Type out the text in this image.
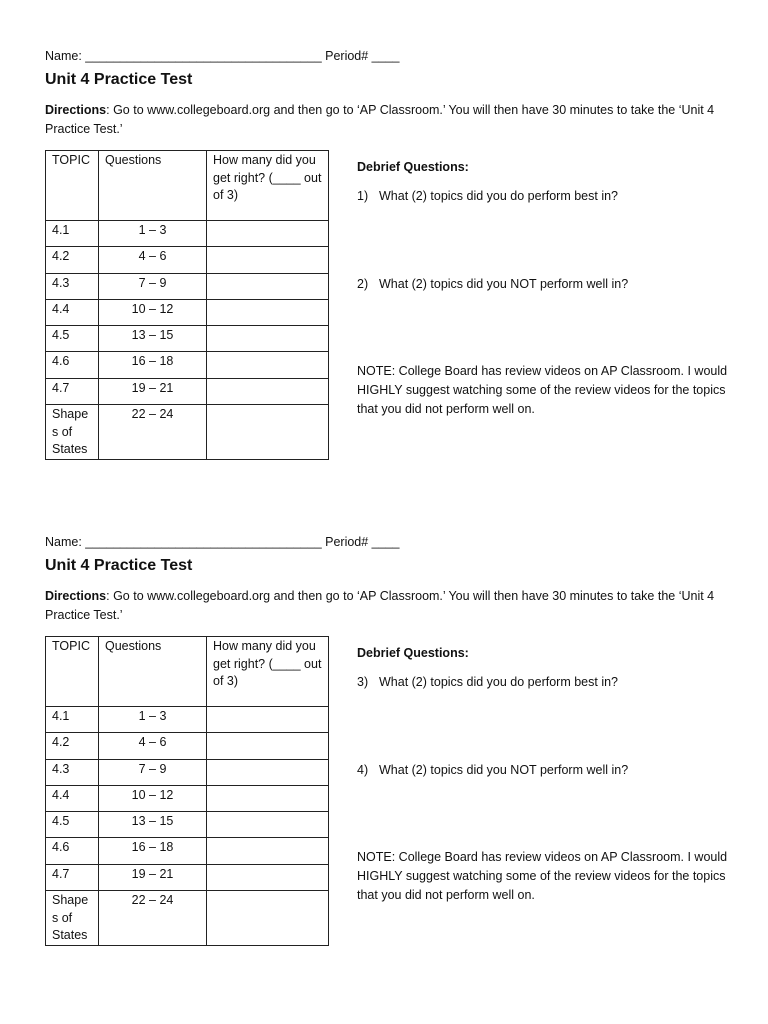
Name: __________________________________ Period# ____
Unit 4 Practice Test
Directions: Go to www.collegeboard.org and then go to ‘AP Classroom.’ You will then have 30 minutes to take the ‘Unit 4 Practice Test.’
TOPIC	Questions	How many did you get right? (____ out of 3)
4.1	1 – 3	
4.2	4 – 6	
4.3	7 – 9	
4.4	10 – 12	
4.5	13 – 15	
4.6	16 – 18	
4.7	19 – 21	
Shape s of States	22 – 24	
Debrief Questions:
1) What (2) topics did you do perform best in?
2) What (2) topics did you NOT perform well in?
NOTE: College Board has review videos on AP Classroom. I would HIGHLY suggest watching some of the review videos for the topics that you did not perform well on.
Name: __________________________________ Period# ____
Unit 4 Practice Test
Directions: Go to www.collegeboard.org and then go to ‘AP Classroom.’ You will then have 30 minutes to take the ‘Unit 4 Practice Test.’
TOPIC	Questions	How many did you get right? (____ out of 3)
4.1	1 – 3	
4.2	4 – 6	
4.3	7 – 9	
4.4	10 – 12	
4.5	13 – 15	
4.6	16 – 18	
4.7	19 – 21	
Shape s of States	22 – 24	
Debrief Questions:
3) What (2) topics did you do perform best in?
4) What (2) topics did you NOT perform well in?
NOTE: College Board has review videos on AP Classroom. I would HIGHLY suggest watching some of the review videos for the topics that you did not perform well on.
